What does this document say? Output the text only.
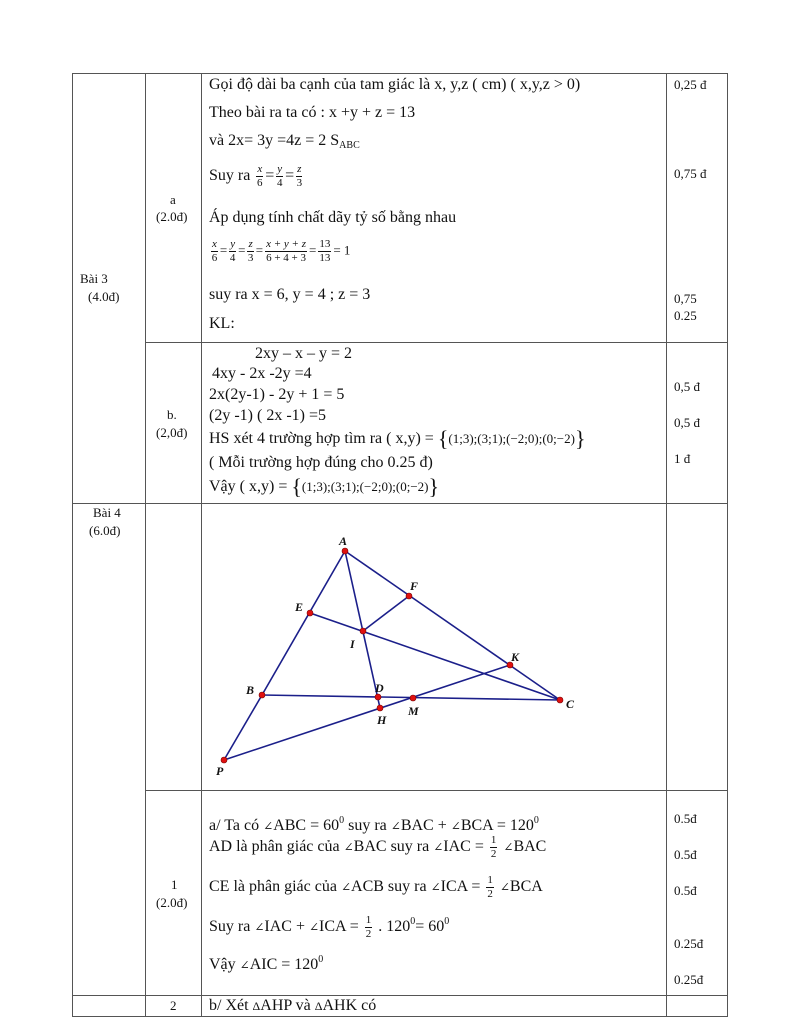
Bài 3
(4.0đ)
a
(2.0đ)
Gọi độ dài ba cạnh của tam giác là x, y,z ( cm) ( x,y,z > 0)
Theo bài ra ta có : x +y + z = 13
và 2x= 3y =4z = 2 $S_{ABC}$
Suy ra $\frac{x}{6} = \frac{y}{4} = \frac{z}{3}$
Áp dụng tính chất dãy tỷ số bằng nhau
$\frac{x}{6} = \frac{y}{4} = \frac{z}{3} = \frac{x + y + z}{6 + 4 + 3} = \frac{13}{13} = 1$
suy ra x = 6, y = 4 ; z = 3
KL:
0,25 đ
0,75 đ
0,75
0.25
b.
(2,0đ)
2xy – x – y = 2
4xy - 2x -2y =4
2x(2y-1) - 2y + 1 = 5
(2y -1) ( 2x -1) =5
HS xét 4 trường hợp tìm ra ( x,y) = {(1;3);(3;1);(−2;0);(0;−2)}
( Mỗi trường hợp đúng cho 0.25 đ)
Vậy ( x,y) = {(1;3);(3;1);(−2;0);(0;−2)}
0,5 đ
0,5 đ
1 đ
Bài 4
(6.0đ)
A
E
F
I
K
B	D
M	C
H
P
1
(2.0đ)
a/ Ta có ∠ABC = $60^0$ suy ra ∠BAC + ∠BCA = $120^0$
AD là phân giác của ∠BAC suy ra ∠IAC = $\frac{1}{2}$ ∠BAC
CE là phân giác của ∠ACB suy ra ∠ICA = $\frac{1}{2}$ ∠BCA
Suy ra ∠IAC + ∠ICA = $\frac{1}{2}$ . $120^0= 60^0$
Vậy ∠AIC = $120^0$
0.5đ
0.5đ
0.5đ
0.25đ
0.25đ
2 b/ Xét ΔAHP và ΔAHK có
